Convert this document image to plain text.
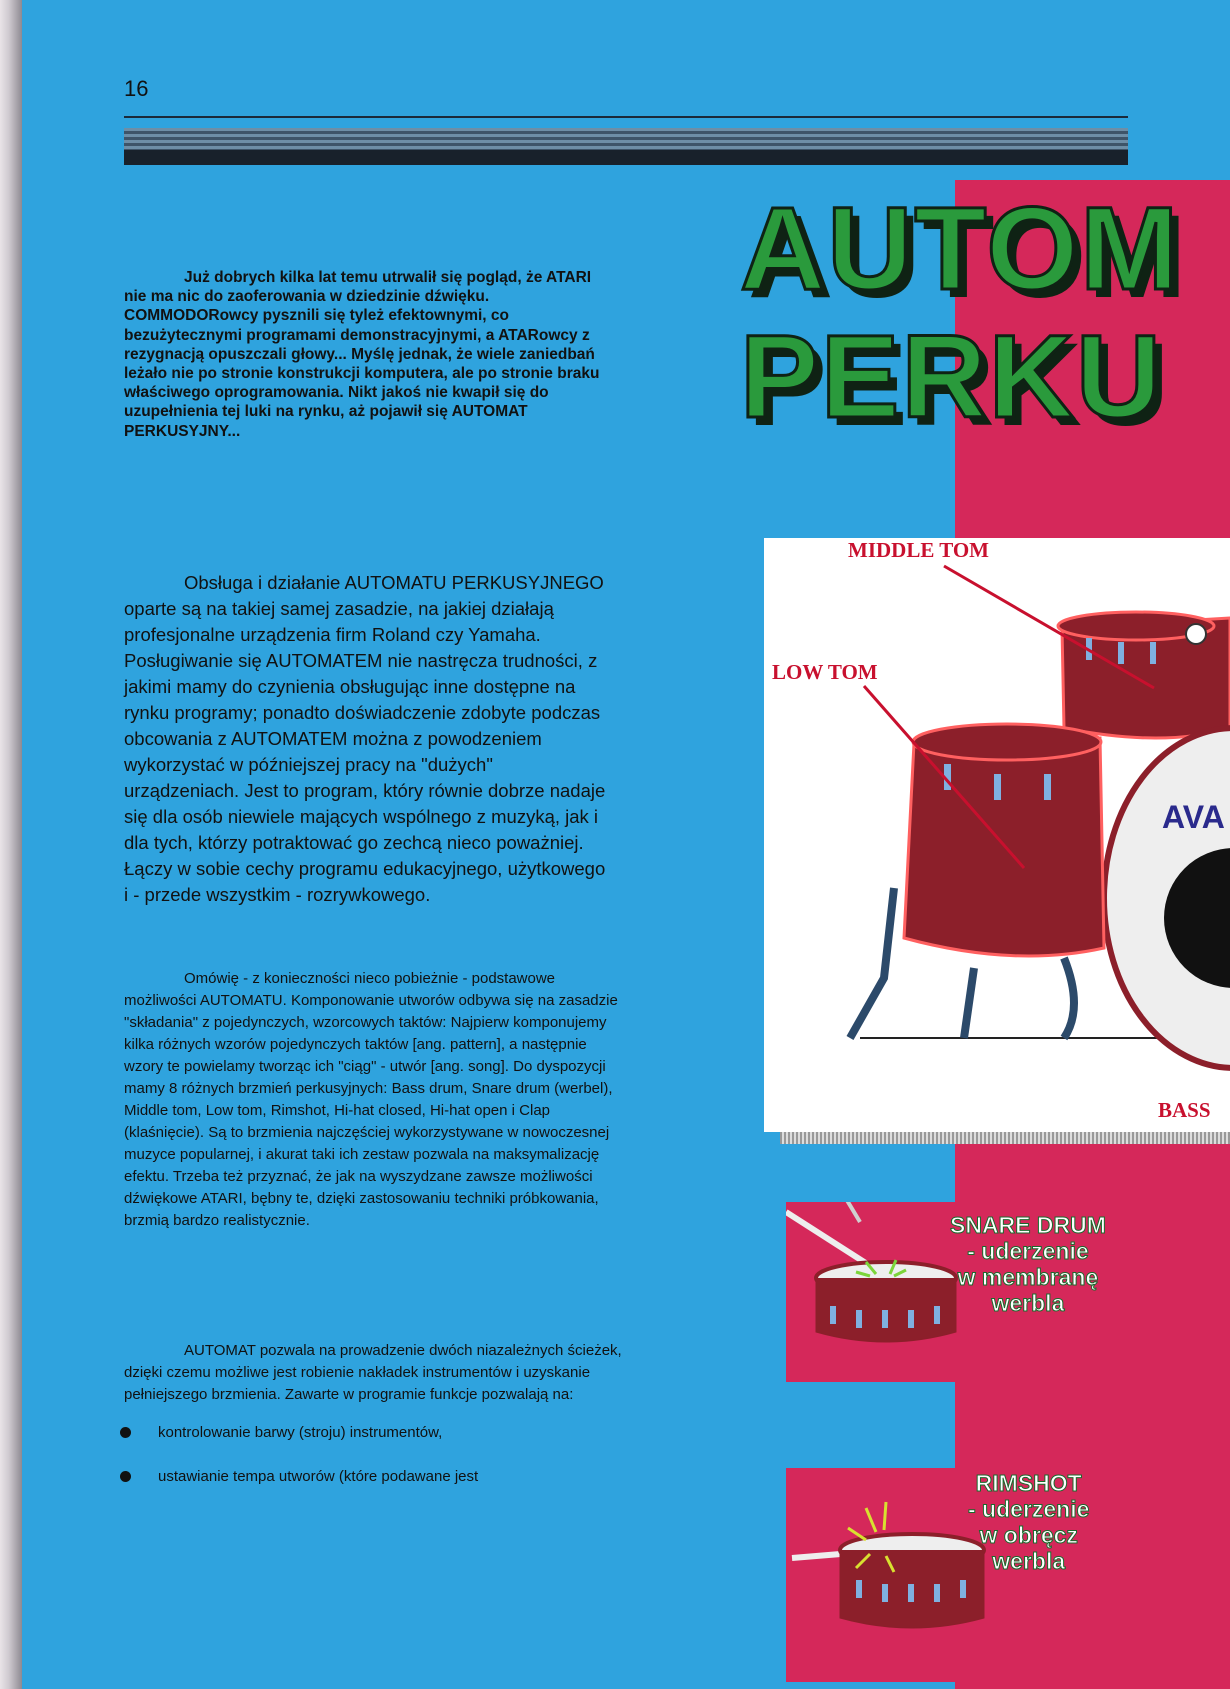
16
AUTOM
PERKU

Już dobrych kilka lat temu utrwalił się pogląd, że ATARI nie ma nic do zaoferowania w dziedzinie dźwięku. COMMODORowcy pysznili się tyleż efektownymi, co bezużytecznymi programami demonstracyjnymi, a ATARowcy z rezygnacją opuszczali głowy... Myślę jednak, że wiele zaniedbań leżało nie po stronie konstrukcji komputera, ale po stronie braku właściwego oprogramowania. Nikt jakoś nie kwapił się do uzupełnienia tej luki na rynku, aż pojawił się AUTOMAT PERKUSYJNY...

Obsługa i działanie AUTOMATU PERKUSYJNEGO oparte są na takiej samej zasadzie, na jakiej działają profesjonalne urządzenia firm Roland czy Yamaha. Posługiwanie się AUTOMATEM nie nastręcza trudności, z jakimi mamy do czynienia obsługując inne dostępne na rynku programy; ponadto doświadczenie zdobyte podczas obcowania z AUTOMATEM można z powodzeniem wykorzystać w późniejszej pracy na "dużych" urządzeniach. Jest to program, który równie dobrze nadaje się dla osób niewiele mających wspólnego z muzyką, jak i dla tych, którzy potraktować go zechcą nieco poważniej. Łączy w sobie cechy programu edukacyjnego, użytkowego i - przede wszystkim - rozrywkowego.

Omówię - z konieczności nieco pobieżnie - podstawowe możliwości AUTOMATU. Komponowanie utworów odbywa się na zasadzie "składania" z pojedynczych, wzorcowych taktów: Najpierw komponujemy kilka różnych wzorów pojedynczych taktów [ang. pattern], a następnie wzory te powielamy tworząc ich "ciąg" - utwór [ang. song]. Do dyspozycji mamy 8 różnych brzmień perkusyjnych: Bass drum, Snare drum (werbel), Middle tom, Low tom, Rimshot, Hi-hat closed, Hi-hat open i Clap (klaśnięcie). Są to brzmienia najczęściej wykorzystywane w nowoczesnej muzyce popularnej, i akurat taki ich zestaw pozwala na maksymalizację efektu. Trzeba też przyznać, że jak na wyszydzane zawsze możliwości dźwiękowe ATARI, bębny te, dzięki zastosowaniu techniki próbkowania, brzmią bardzo realistycznie.

AUTOMAT pozwala na prowadzenie dwóch niazależnych ścieżek, dzięki czemu możliwe jest robienie nakładek instrumentów i uzyskanie pełniejszego brzmienia. Zawarte w programie funkcje pozwalają na:

kontrolowanie barwy (stroju) instrumentów,
ustawianie tempa utworów (które podawane jest
AVA
MIDDLE TOM
LOW TOM
BASS
SNARE DRUM
- uderzenie
w membranę
werbla
RIMSHOT
- uderzenie
w obręcz
werbla
